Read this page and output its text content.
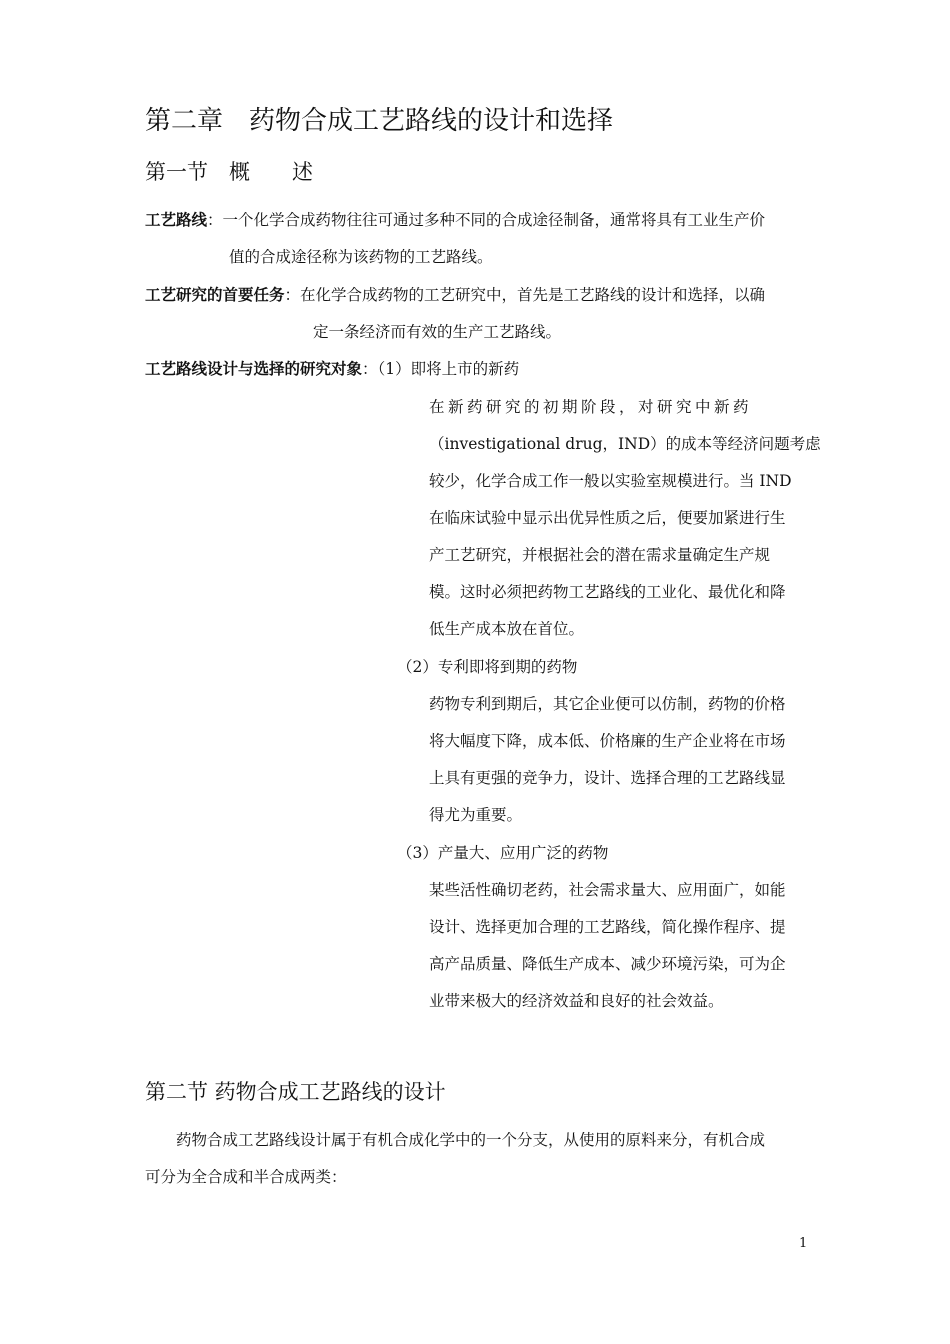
第二章　药物合成工艺路线的设计和选择
第一节　概　　述
工艺路线：一个化学合成药物往往可通过多种不同的合成途径制备，通常将具有工业生产价
值的合成途径称为该药物的工艺路线。
工艺研究的首要任务：在化学合成药物的工艺研究中，首先是工艺路线的设计和选择，以确
定一条经济而有效的生产工艺路线。
工艺路线设计与选择的研究对象：（1）即将上市的新药
在新药研究的初期阶段，对研究中新药
（investigational drug，IND）的成本等经济问题考虑
较少，化学合成工作一般以实验室规模进行。当 IND
在临床试验中显示出优异性质之后，便要加紧进行生
产工艺研究，并根据社会的潜在需求量确定生产规
模。这时必须把药物工艺路线的工业化、最优化和降
低生产成本放在首位。
（2）专利即将到期的药物
药物专利到期后，其它企业便可以仿制，药物的价格
将大幅度下降，成本低、价格廉的生产企业将在市场
上具有更强的竞争力，设计、选择合理的工艺路线显
得尤为重要。
（3）产量大、应用广泛的药物
某些活性确切老药，社会需求量大、应用面广，如能
设计、选择更加合理的工艺路线，简化操作程序、提
高产品质量、降低生产成本、减少环境污染，可为企
业带来极大的经济效益和良好的社会效益。
第二节 药物合成工艺路线的设计
　　药物合成工艺路线设计属于有机合成化学中的一个分支，从使用的原料来分，有机合成
可分为全合成和半合成两类：
1
